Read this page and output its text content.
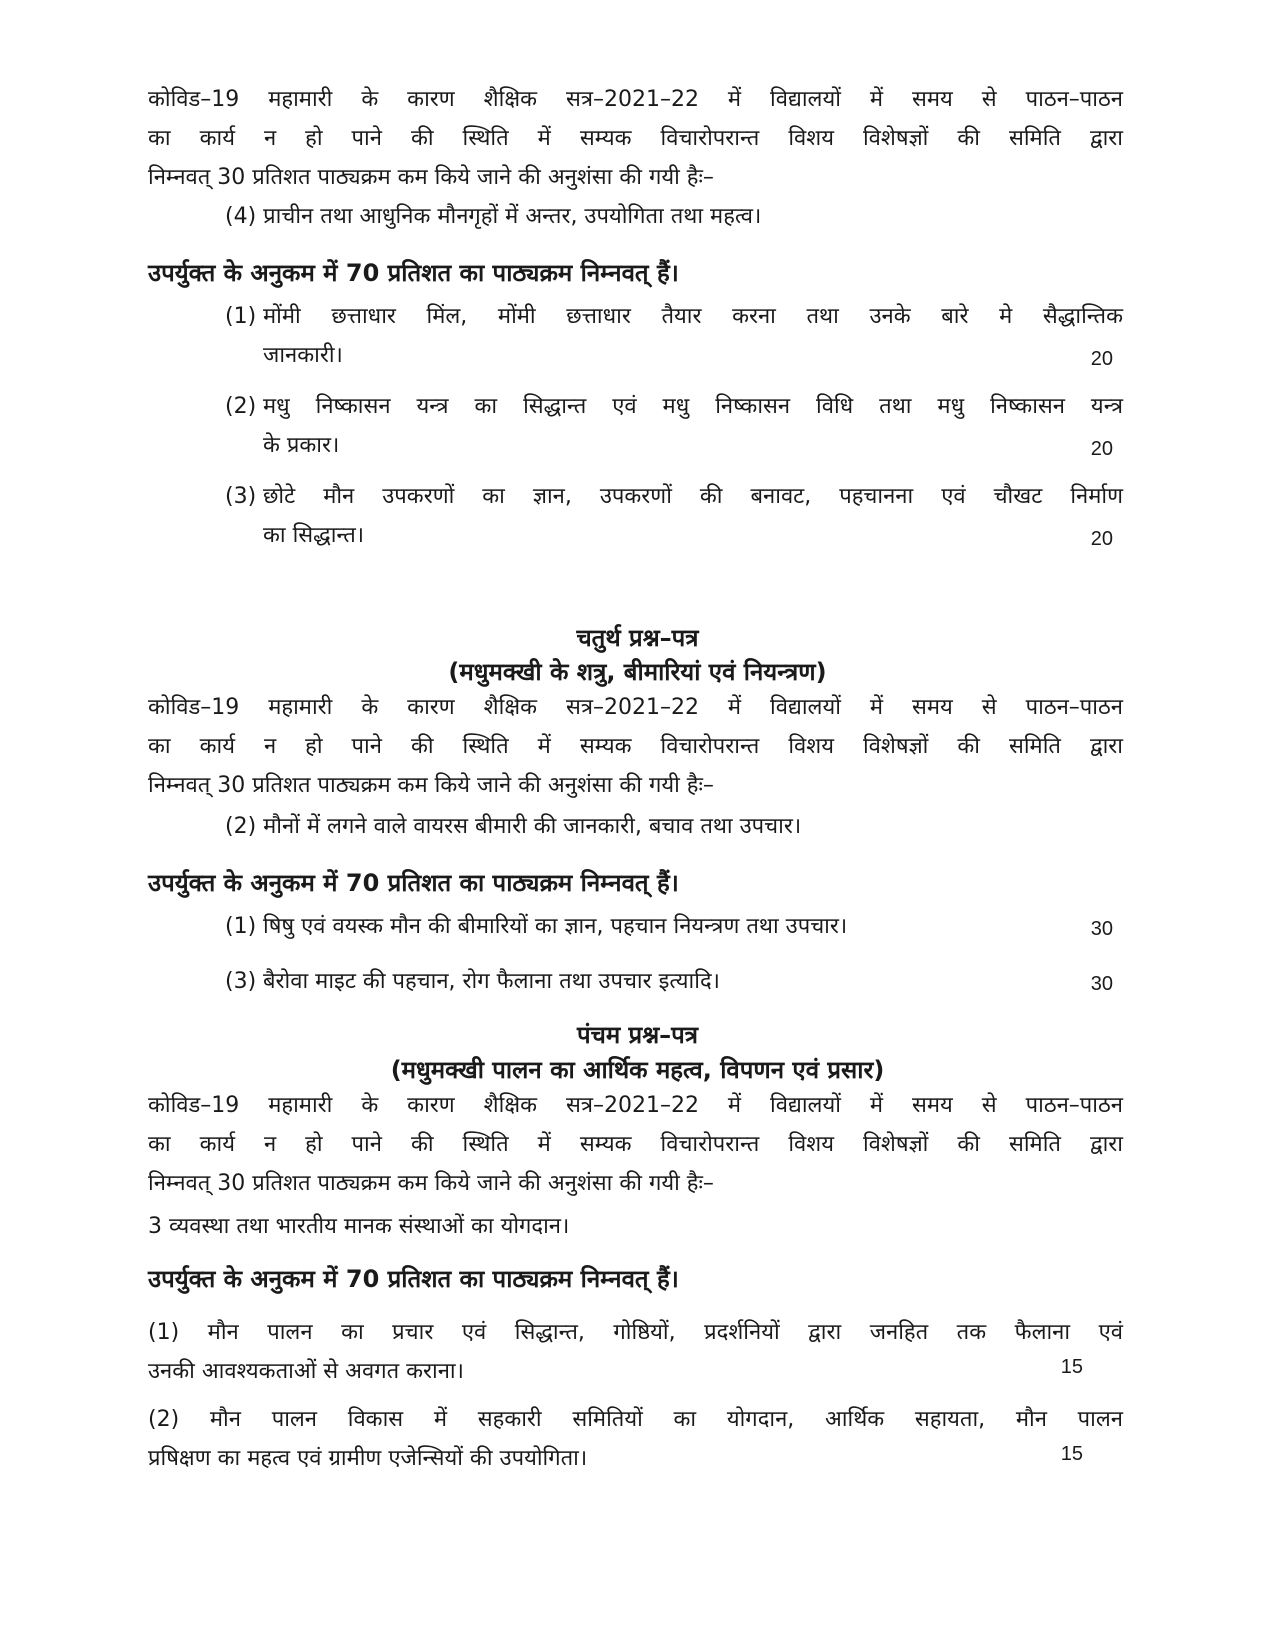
कोविड–19 महामारी के कारण शैक्षिक सत्र–2021–22 में विद्यालयों में समय से पाठन–पाठन
का कार्य न हो पाने की स्थिति में सम्यक विचारोपरान्त विशय विशेषज्ञों की समिति द्वारा
निम्नवत् 30 प्रतिशत पाठ्यक्रम कम किये जाने की अनुशंसा की गयी हैः–

(4) प्राचीन तथा आधुनिक मौनगृहों में अन्तर, उपयोगिता तथा महत्व।

उपर्युक्त के अनुकम में 70 प्रतिशत का पाठ्यक्रम निम्नवत् हैं।

(1) मोंमी छत्ताधार मिंल, मोंमी छत्ताधार तैयार करना तथा उनके बारे मे सैद्धान्तिक
जानकारी।	20
(2) मधु निष्कासन यन्त्र का सिद्धान्त एवं मधु निष्कासन विधि तथा मधु निष्कासन यन्त्र
के प्रकार।	20
(3) छोटे मौन उपकरणों का ज्ञान, उपकरणों की बनावट, पहचानना एवं चौखट निर्माण
का सिद्धान्त।	20

चतुर्थ प्रश्न–पत्र

(मधुमक्खी के शत्रु, बीमारियां एवं नियन्त्रण)

कोविड–19 महामारी के कारण शैक्षिक सत्र–2021–22 में विद्यालयों में समय से पाठन–पाठन
का कार्य न हो पाने की स्थिति में सम्यक विचारोपरान्त विशय विशेषज्ञों की समिति द्वारा
निम्नवत् 30 प्रतिशत पाठ्यक्रम कम किये जाने की अनुशंसा की गयी हैः–

(2) मौनों में लगने वाले वायरस बीमारी की जानकारी, बचाव तथा उपचार।

उपर्युक्त के अनुकम में 70 प्रतिशत का पाठ्यक्रम निम्नवत् हैं।

(1) षिषु एवं वयस्क मौन की बीमारियों का ज्ञान, पहचान नियन्त्रण तथा उपचार।	30
(3) बैरोवा माइट की पहचान, रोग फैलाना तथा उपचार इत्यादि।	30

पंचम प्रश्न–पत्र

(मधुमक्खी पालन का आर्थिक महत्व, विपणन एवं प्रसार)

कोविड–19 महामारी के कारण शैक्षिक सत्र–2021–22 में विद्यालयों में समय से पाठन–पाठन
का कार्य न हो पाने की स्थिति में सम्यक विचारोपरान्त विशय विशेषज्ञों की समिति द्वारा
निम्नवत् 30 प्रतिशत पाठ्यक्रम कम किये जाने की अनुशंसा की गयी हैः–

3 व्यवस्था तथा भारतीय मानक संस्थाओं का योगदान।

उपर्युक्त के अनुकम में 70 प्रतिशत का पाठ्यक्रम निम्नवत् हैं।

(1) मौन पालन का प्रचार एवं सिद्धान्त, गोष्ठियों, प्रदर्शनियों द्वारा जनहित तक फैलाना एवं
उनकी आवश्यकताओं से अवगत कराना।	15
(2) मौन पालन विकास में सहकारी समितियों का योगदान, आर्थिक सहायता, मौन पालन
प्रषिक्षण का महत्व एवं ग्रामीण एजेन्सियों की उपयोगिता।	15
